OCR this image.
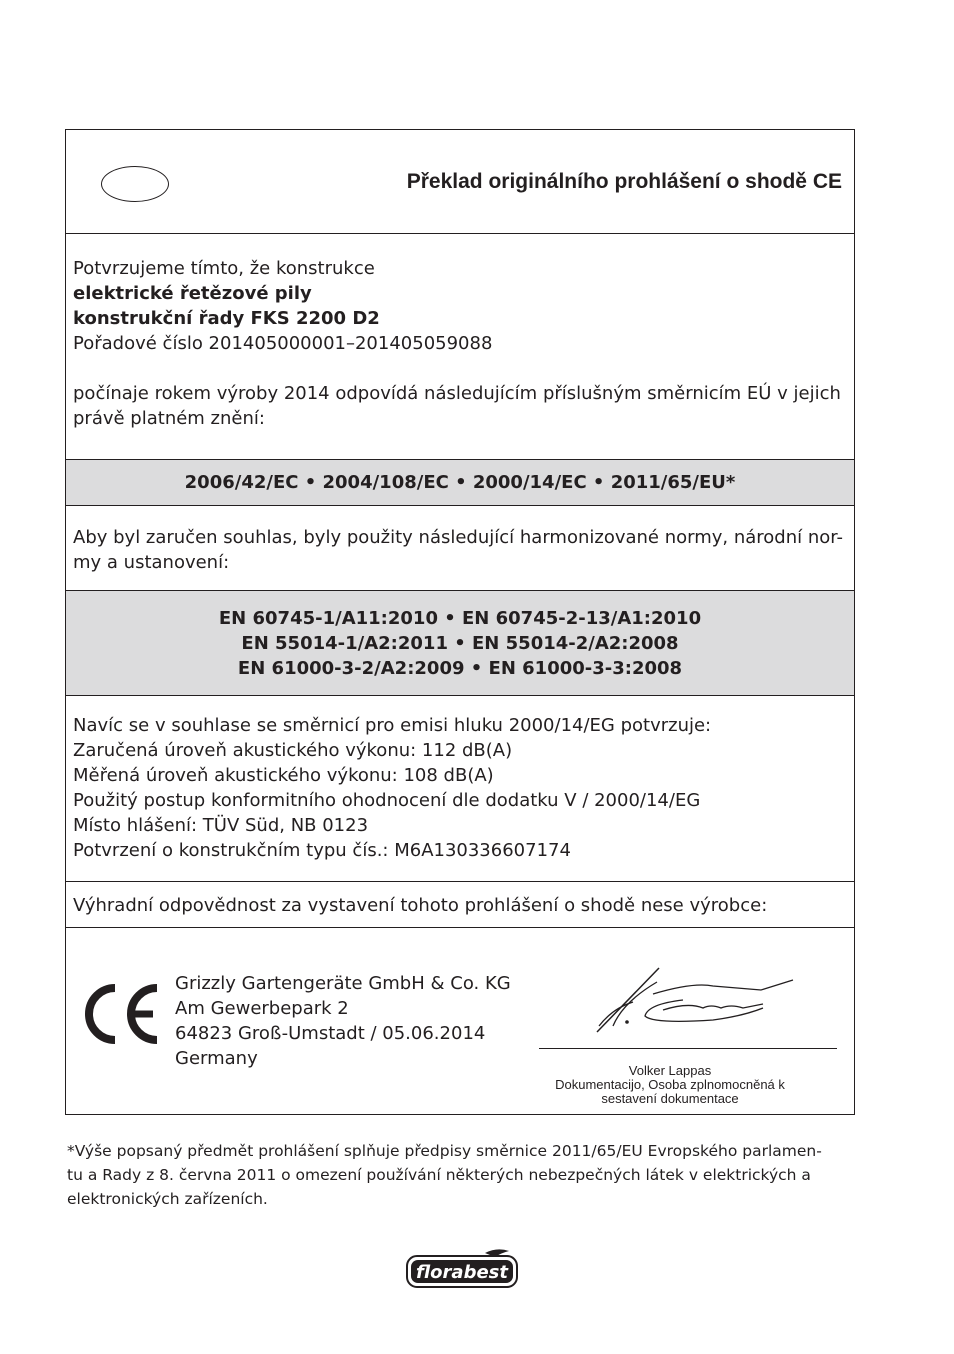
Překlad originálního prohlášení o shodě CE
Potvrzujeme tímto, že konstrukce
elektrické řetězové pily
konstrukční řady FKS 2200 D2
Pořadové číslo 201405000001–201405059088
počínaje rokem výroby 2014 odpovídá následujícím příslušným směrnicím EÚ v jejich právě platném znění:
2006/42/EC • 2004/108/EC • 2000/14/EC • 2011/65/EU*
Aby byl zaručen souhlas, byly použity následující harmonizované normy, národní nor-
my a ustanovení:
EN 60745-1/A11:2010 • EN 60745-2-13/A1:2010
EN 55014-1/A2:2011 • EN 55014-2/A2:2008
EN 61000-3-2/A2:2009 • EN 61000-3-3:2008
Navíc se v souhlase se směrnicí pro emisi hluku 2000/14/EG potvrzuje:
Zaručená úroveň akustického výkonu: 112 dB(A)
Měřená úroveň akustického výkonu: 108 dB(A)
Použitý postup konformitního ohodnocení dle dodatku V / 2000/14/EG
Místo hlášení: TÜV Süd, NB 0123
Potvrzení o konstrukčním typu čís.: M6A130336607174
Výhradní odpovědnost za vystavení tohoto prohlášení o shodě nese výrobce:
Grizzly Gartengeräte GmbH & Co. KG
Am Gewerbepark 2
64823 Groß-Umstadt / 05.06.2014
Germany
Volker Lappas
Dokumentacijo, Osoba zplnomocněná k
sestavení dokumentace
*Výše popsaný předmět prohlášení splňuje předpisy směrnice 2011/65/EU Evropského parlamen-
tu a Rady z 8. června 2011 o omezení používání některých nebezpečných látek v elektrických a
elektronických zařízeních.
florabest
